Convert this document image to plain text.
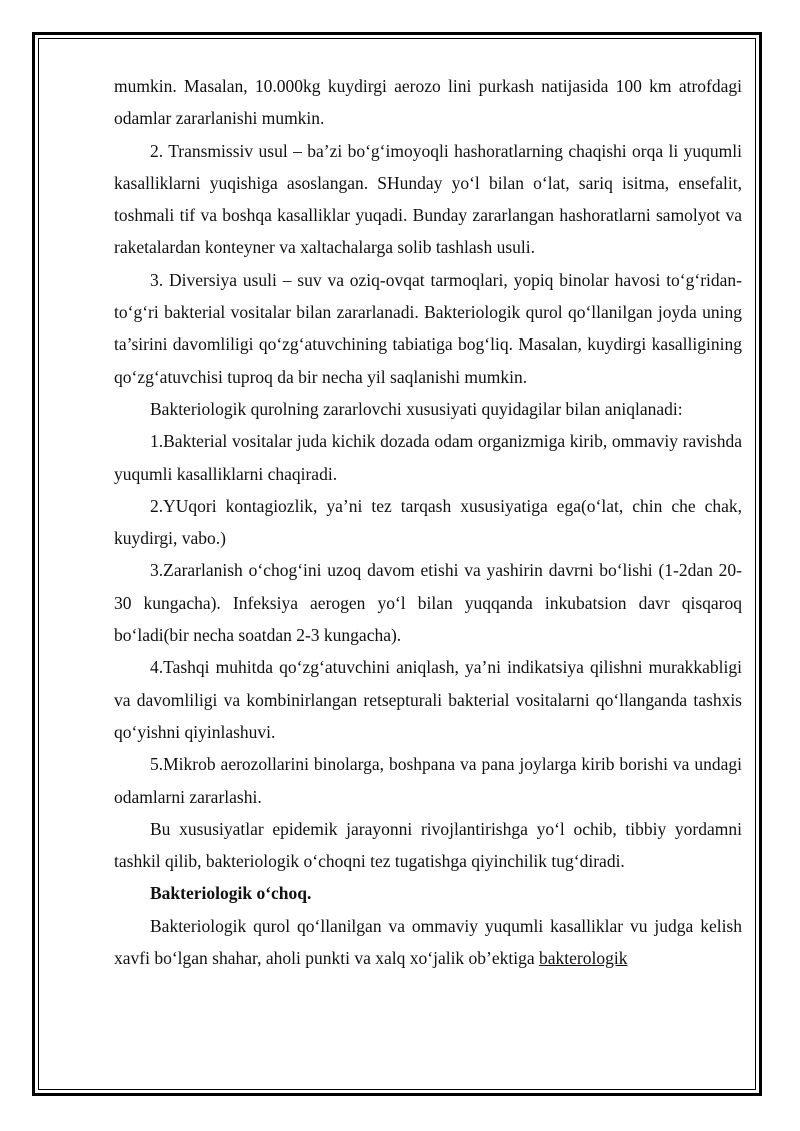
mumkin. Masalan, 10.000kg kuydirgi aerozo lini purkash natijasida 100 km atrofdagi odamlar zararlanishi mumkin.

2. Transmissiv usul – ba’zi bo‘g‘imoyoqli hashoratlarning chaqishi orqa li yuqumli kasalliklarni yuqishiga asoslangan. SHunday yo‘l bilan o‘lat, sariq isitma, ensefalit, toshmali tif va boshqa kasalliklar yuqadi. Bunday zararlangan hashoratlarni samolyot va raketalardan konteyner va xaltachalarga solib tashlash usuli.

3. Diversiya usuli – suv va oziq-ovqat tarmoqlari, yopiq binolar havosi to‘g‘ridan-to‘g‘ri bakterial vositalar bilan zararlanadi. Bakteriologik qurol qo‘llanilgan joyda uning ta’sirini davomliligi qo‘zg‘atuvchining tabiatiga bog‘liq. Masalan, kuydirgi kasalligining qo‘zg‘atuvchisi tuproq da bir necha yil saqlanishi mumkin.

Bakteriologik qurolning zararlovchi xususiyati quyidagilar bilan aniqlanadi:

1.Bakterial vositalar juda kichik dozada odam organizmiga kirib, ommaviy ravishda yuqumli kasalliklarni chaqiradi.

2.YUqori kontagiozlik, ya’ni tez tarqash xususiyatiga ega(o‘lat, chin che chak, kuydirgi, vabo.)

3.Zararlanish o‘chog‘ini uzoq davom etishi va yashirin davrni bo‘lishi (1-2dan 20-30 kungacha). Infeksiya aerogen yo‘l bilan yuqqanda inkubatsion davr qisqaroq bo‘ladi(bir necha soatdan 2-3 kungacha).

4.Tashqi muhitda qo‘zg‘atuvchini aniqlash, ya’ni indikatsiya qilishni murakkabligi va davomliligi va kombinirlangan retsepturali bakterial vositalarni qo‘llanganda tashxis qo‘yishni qiyinlashuvi.

5.Mikrob aerozollarini binolarga, boshpana va pana joylarga kirib borishi va undagi odamlarni zararlashi.

Bu xususiyatlar epidemik jarayonni rivojlantirishga yo‘l ochib, tibbiy yordamni tashkil qilib, bakteriologik o‘choqni tez tugatishga qiyinchilik tug‘diradi.

Bakteriologik o‘choq.

Bakteriologik qurol qo‘llanilgan va ommaviy yuqumli kasalliklar vu judga kelish xavfi bo‘lgan shahar, aholi punkti va xalq xo‘jalik ob’ektiga bakterologik
